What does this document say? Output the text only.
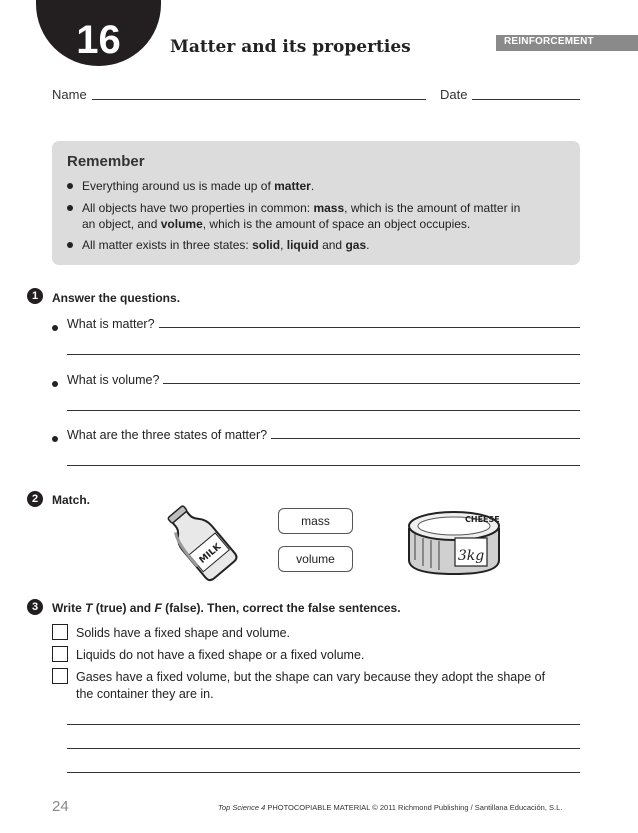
16	Matter and its properties	REINFORCEMENT
Name	Date
Remember
Everything around us is made up of matter.
All objects have two properties in common: mass, which is the amount of matter in
an object, and volume, which is the amount of space an object occupies.
All matter exists in three states: solid, liquid and gas.
1	Answer the questions.
What is matter?
What is volume?
What are the three states of matter?
2	Match.
MILK
mass
volume
CHEESE
3kg
3	Write T (true) and F (false). Then, correct the false sentences.
Solids have a fixed shape and volume.
Liquids do not have a fixed shape or a fixed volume.
Gases have a fixed volume, but the shape can vary because they adopt the shape of the container they are in.
24	Top Science 4 PHOTOCOPIABLE MATERIAL © 2011 Richmond Publishing / Santillana Educación, S.L.
